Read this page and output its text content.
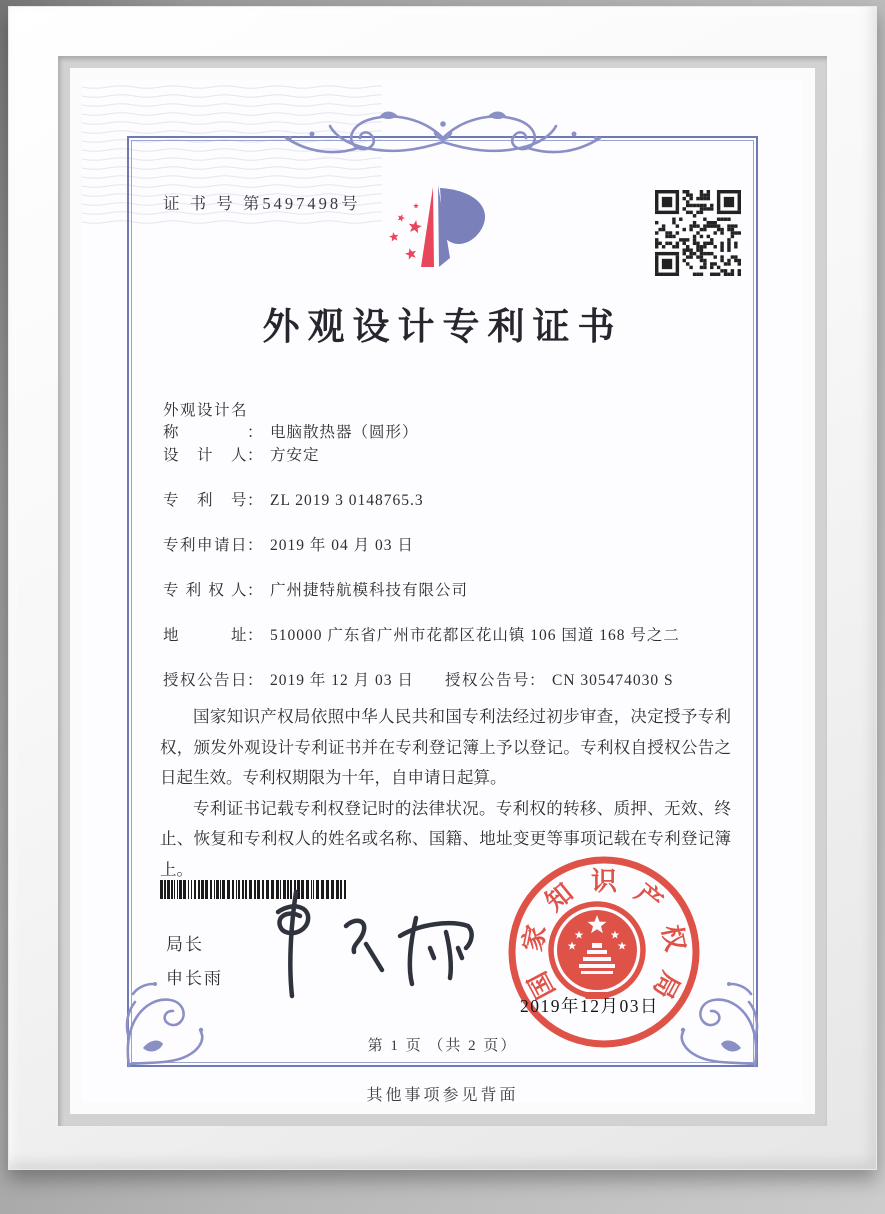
证 书 号 第5497498号
外观设计专利证书
外观设计名称	： 电脑散热器（圆形）
设计人： 方安定
专利号： ZL 2019 3 0148765.3
专利申请日： 2019 年 04 月 03 日
专利权人： 广州捷特航模科技有限公司
地址： 510000 广东省广州市花都区花山镇 106 国道 168 号之二
授权公告日： 2019 年 12 月 03 日 授权公告号： CN 305474030 S

国家知识产权局依照中华人民共和国专利法经过初步审查，决定授予专利权，颁发外观设计专利证书并在专利登记簿上予以登记。专利权自授权公告之日起生效。专利权期限为十年，自申请日起算。

专利证书记载专利权登记时的法律状况。专利权的转移、质押、无效、终止、恢复和专利权人的姓名或名称、国籍、地址变更等事项记载在专利登记簿上。

局长
申长雨	国
家
知 识 产
权
局
2019年12月03日
第 1 页 （共 2 页）
其他事项参见背面
